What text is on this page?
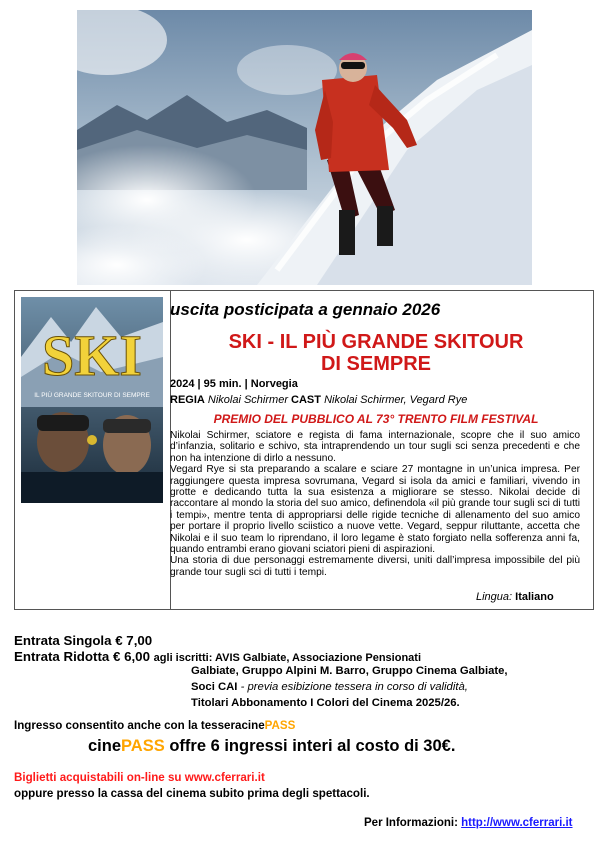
SKI
IL PIÙ GRANDE SKITOUR DI SEMPRE
uscita posticipata a gennaio 2026
SKI - IL PIÙ GRANDE SKITOUR
DI SEMPRE
2024 | 95 min. | Norvegia
REGIA Nikolai Schirmer CAST Nikolai Schirmer, Vegard Rye
PREMIO DEL PUBBLICO AL 73° TRENTO FILM FESTIVAL

Nikolai Schirmer, sciatore e regista di fama internazionale, scopre che il suo amico d’infanzia, solitario e schivo, sta intraprendendo un tour sugli sci senza precedenti e che non ha intenzione di dirlo a nessuno.

Vegard Rye si sta preparando a scalare e sciare 27 montagne in un’unica impresa. Per raggiungere questa impresa sovrumana, Vegard si isola da amici e familiari, vivendo in grotte e dedicando tutta la sua esistenza a migliorare se stesso. Nikolai decide di raccontare al mondo la storia del suo amico, definendola «il più grande tour sugli sci di tutti i tempi», mentre tenta di appropriarsi delle rigide tecniche di allenamento del suo amico per portare il proprio livello sciistico a nuove vette. Vegard, seppur riluttante, accetta che Nikolai e il suo team lo riprendano, il loro legame è stato forgiato nella sofferenza anni fa, quando entrambi erano giovani sciatori pieni di aspirazioni.

Una storia di due personaggi estremamente diversi, uniti dall’impresa impossibile del più grande tour sugli sci di tutti i tempi.

Lingua: Italiano
Entrata Singola € 7,00
Entrata Ridotta € 6,00 agli iscritti: AVIS Galbiate, Associazione Pensionati
Galbiate, Gruppo Alpini M. Barro, Gruppo Cinema Galbiate,
Soci CAI - previa esibizione tessera in corso di validità,
Titolari Abbonamento I Colori del Cinema 2025/26.
Ingresso consentito anche con la tesseracinePASS
cinePASS offre 6 ingressi interi al costo di 30€.
Biglietti acquistabili on-line su www.cferrari.it
oppure presso la cassa del cinema subito prima degli spettacoli.
Per Informazioni: http://www.cferrari.it
